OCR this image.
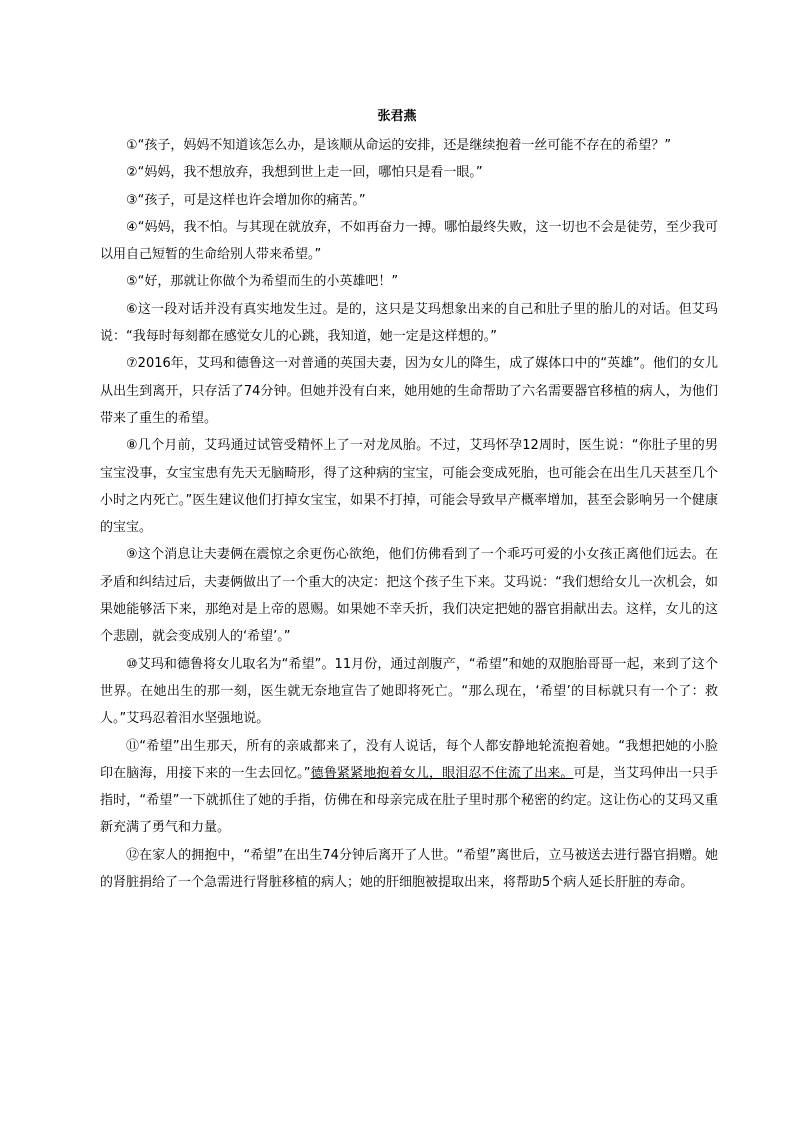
张君燕

①“孩子，妈妈不知道该怎么办，是该顺从命运的安排，还是继续抱着一丝可能不存在的希望？”

②“妈妈，我不想放弃，我想到世上走一回，哪怕只是看一眼。”

③“孩子，可是这样也许会增加你的痛苦。”

④“妈妈，我不怕。与其现在就放弃，不如再奋力一搏。哪怕最终失败，这一切也不会是徒劳，至少我可以用自己短暂的生命给别人带来希望。”

⑤“好，那就让你做个为希望而生的小英雄吧！”

⑥这一段对话并没有真实地发生过。是的，这只是艾玛想象出来的自己和肚子里的胎儿的对话。但艾玛说：“我每时每刻都在感觉女儿的心跳，我知道，她一定是这样想的。”

⑦2016年，艾玛和德鲁这一对普通的英国夫妻，因为女儿的降生，成了媒体口中的“英雄”。他们的女儿从出生到离开，只存活了74分钟。但她并没有白来，她用她的生命帮助了六名需要器官移植的病人，为他们带来了重生的希望。

⑧几个月前，艾玛通过试管受精怀上了一对龙凤胎。不过，艾玛怀孕12周时，医生说：“你肚子里的男宝宝没事，女宝宝患有先天无脑畸形，得了这种病的宝宝，可能会变成死胎，也可能会在出生几天甚至几个小时之内死亡。”医生建议他们打掉女宝宝，如果不打掉，可能会导致早产概率增加，甚至会影响另一个健康的宝宝。

⑨这个消息让夫妻俩在震惊之余更伤心欲绝，他们仿佛看到了一个乖巧可爱的小女孩正离他们远去。在矛盾和纠结过后，夫妻俩做出了一个重大的决定：把这个孩子生下来。艾玛说：“我们想给女儿一次机会，如果她能够活下来，那绝对是上帝的恩赐。如果她不幸夭折，我们决定把她的器官捐献出去。这样，女儿的这个悲剧，就会变成别人的‘希望’。”

⑩艾玛和德鲁将女儿取名为“希望”。11月份，通过剖腹产，“希望”和她的双胞胎哥哥一起，来到了这个世界。在她出生的那一刻，医生就无奈地宣告了她即将死亡。“那么现在，‘希望’的目标就只有一个了：救人。”艾玛忍着泪水坚强地说。

⑪“希望”出生那天，所有的亲戚都来了，没有人说话，每个人都安静地轮流抱着她。“我想把她的小脸印在脑海，用接下来的一生去回忆。”德鲁紧紧地抱着女儿，眼泪忍不住流了出来。可是，当艾玛伸出一只手指时，“希望”一下就抓住了她的手指，仿佛在和母亲完成在肚子里时那个秘密的约定。这让伤心的艾玛又重新充满了勇气和力量。

⑫在家人的拥抱中，“希望”在出生74分钟后离开了人世。“希望”离世后，立马被送去进行器官捐赠。她的肾脏捐给了一个急需进行肾脏移植的病人；她的肝细胞被提取出来，将帮助5个病人延长肝脏的寿命。
